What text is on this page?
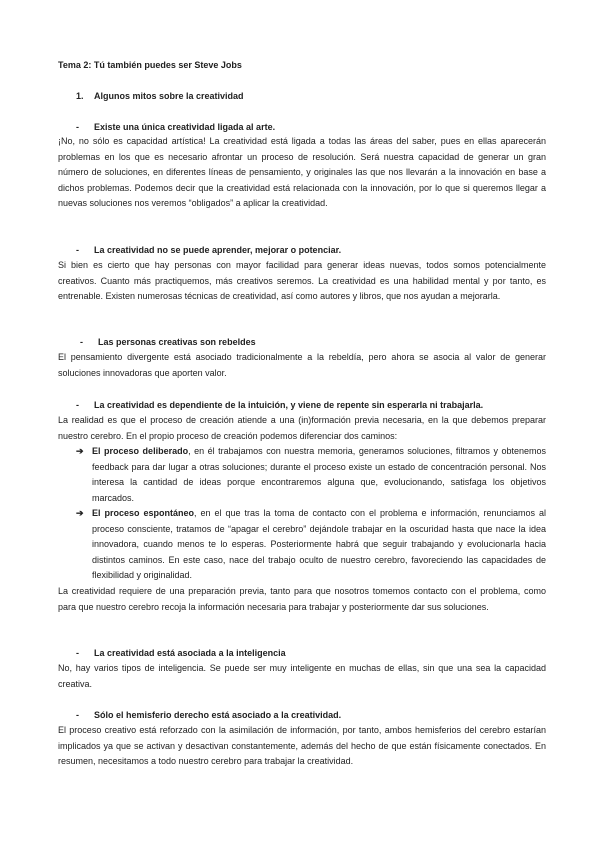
Tema 2: Tú también puedes ser Steve Jobs
1. Algunos mitos sobre la creatividad
- Existe una única creatividad ligada al arte.
¡No, no sólo es capacidad artística! La creatividad está ligada a todas las áreas del saber, pues en ellas aparecerán problemas en los que es necesario afrontar un proceso de resolución. Será nuestra capacidad de generar un gran número de soluciones, en diferentes líneas de pensamiento, y originales las que nos llevarán a la innovación en base a dichos problemas. Podemos decir que la creatividad está relacionada con la innovación, por lo que si queremos llegar a nuevas soluciones nos veremos “obligados” a aplicar la creatividad.
- La creatividad no se puede aprender, mejorar o potenciar.
Si bien es cierto que hay personas con mayor facilidad para generar ideas nuevas, todos somos potencialmente creativos. Cuanto más practiquemos, más creativos seremos. La creatividad es una habilidad mental y por tanto, es entrenable. Existen numerosas técnicas de creatividad, así como autores y libros, que nos ayudan a mejorarla.
- Las personas creativas son rebeldes
El pensamiento divergente está asociado tradicionalmente a la rebeldía, pero ahora se asocia al valor de generar soluciones innovadoras que aporten valor.
- La creatividad es dependiente de la intuición, y viene de repente sin esperarla ni trabajarla.
La realidad es que el proceso de creación atiende a una (in)formación previa necesaria, en la que debemos preparar nuestro cerebro. En el propio proceso de creación podemos diferenciar dos caminos:
➔ El proceso deliberado, en él trabajamos con nuestra memoria, generamos soluciones, filtramos y obtenemos feedback para dar lugar a otras soluciones; durante el proceso existe un estado de concentración personal. Nos interesa la cantidad de ideas porque encontraremos alguna que, evolucionando, satisfaga los objetivos marcados.
➔ El proceso espontáneo, en el que tras la toma de contacto con el problema e información, renunciamos al proceso consciente, tratamos de “apagar el cerebro” dejándole trabajar en la oscuridad hasta que nace la idea innovadora, cuando menos te lo esperas. Posteriormente habrá que seguir trabajando y evolucionarla hacia distintos caminos. En este caso, nace del trabajo oculto de nuestro cerebro, favoreciendo las capacidades de flexibilidad y originalidad.
La creatividad requiere de una preparación previa, tanto para que nosotros tomemos contacto con el problema, como para que nuestro cerebro recoja la información necesaria para trabajar y posteriormente dar sus soluciones.
- La creatividad está asociada a la inteligencia
No, hay varios tipos de inteligencia. Se puede ser muy inteligente en muchas de ellas, sin que una sea la capacidad creativa.
- Sólo el hemisferio derecho está asociado a la creatividad.
El proceso creativo está reforzado con la asimilación de información, por tanto, ambos hemisferios del cerebro estarían implicados ya que se activan y desactivan constantemente, además del hecho de que están físicamente conectados. En resumen, necesitamos a todo nuestro cerebro para trabajar la creatividad.
